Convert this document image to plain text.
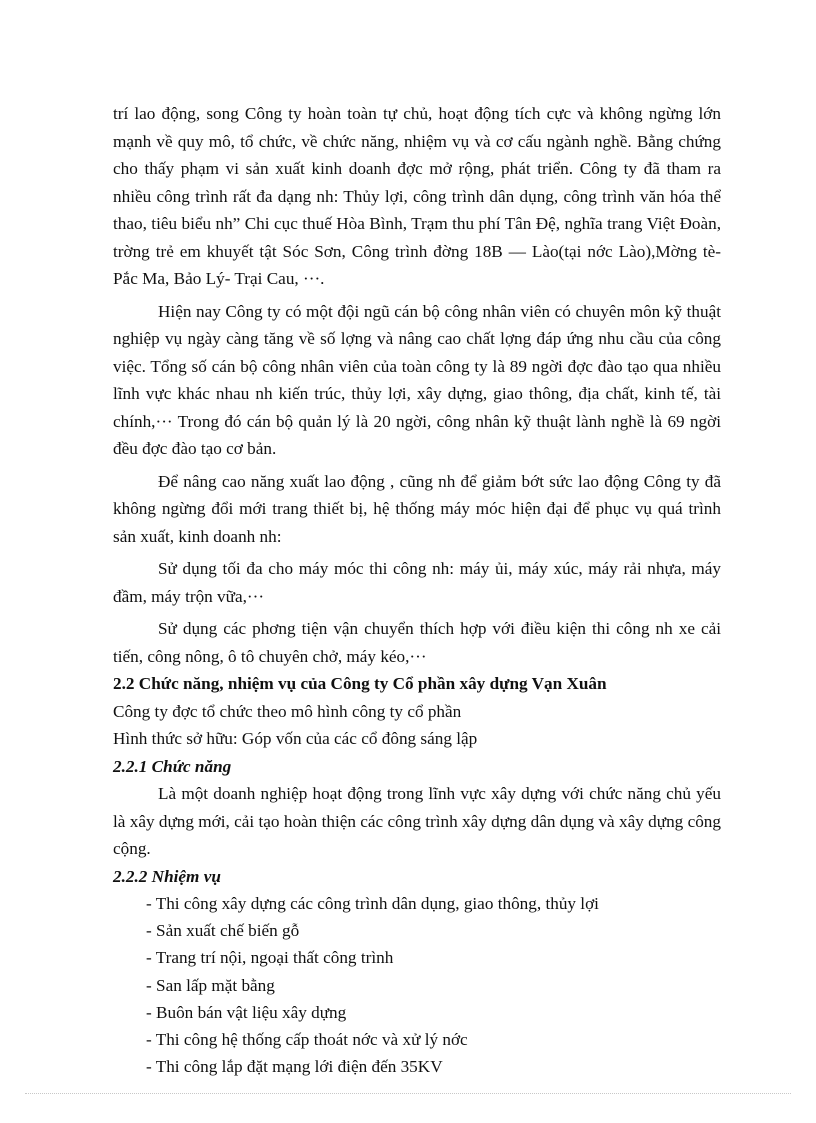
trí lao động, song Công ty hoàn toàn tự chủ, hoạt động tích cực và không ngừng lớn mạnh về quy mô, tổ chức, về chức năng, nhiệm vụ và cơ cấu ngành nghề. Bằng chứng cho thấy phạm vi sản xuất kinh doanh đợc mở rộng, phát triển. Công ty đã tham ra nhiều công trình rất đa dạng nh: Thủy lợi, công trình dân dụng, công trình văn hóa thể thao, tiêu biểu nh” Chi cục thuế Hòa Bình, Trạm thu phí Tân Đệ, nghĩa trang Việt Đoàn, trờng trẻ em khuyết tật Sóc Sơn, Công trình đờng 18B — Lào(tại nớc Lào),Mờng tè- Pắc Ma, Bảo Lý- Trại Cau, ···.

Hiện nay Công ty có một đội ngũ cán bộ công nhân viên có chuyên môn kỹ thuật nghiệp vụ ngày càng tăng về số lợng và nâng cao chất lợng đáp ứng nhu cầu của công việc. Tổng số cán bộ công nhân viên của toàn công ty là 89 ngời đợc đào tạo qua nhiều lĩnh vực khác nhau nh kiến trúc, thủy lợi, xây dựng, giao thông, địa chất, kinh tế, tài chính,··· Trong đó cán bộ quản lý là 20 ngời, công nhân kỹ thuật lành nghề là 69 ngời đều đợc đào tạo cơ bản.

Để nâng cao năng xuất lao động , cũng nh để giảm bớt sức lao động Công ty đã không ngừng đổi mới trang thiết bị, hệ thống máy móc hiện đại để phục vụ quá trình sản xuất, kinh doanh nh:

Sử dụng tối đa cho máy móc thi công nh: máy ủi, máy xúc, máy rải nhựa, máy đầm, máy trộn vữa,···

Sử dụng các phơng tiện vận chuyển thích hợp với điều kiện thi công nh xe cải tiến, công nông, ô tô chuyên chở, máy kéo,···

2.2 Chức năng, nhiệm vụ của Công ty Cổ phần xây dựng Vạn Xuân

Công ty đợc tổ chức theo mô hình công ty cổ phần

Hình thức sở hữu: Góp vốn của các cổ đông sáng lập

2.2.1 Chức năng

Là một doanh nghiệp hoạt động trong lĩnh vực xây dựng với chức năng chủ yếu là xây dựng mới, cải tạo hoàn thiện các công trình xây dựng dân dụng và xây dựng công cộng.

2.2.2 Nhiệm vụ

- Thi công xây dựng các công trình dân dụng, giao thông, thủy lợi
- Sản xuất chế biến gỗ
- Trang trí nội, ngoại thất công trình
- San lấp mặt bằng
- Buôn bán vật liệu xây dựng
- Thi công hệ thống cấp thoát nớc và xử lý nớc
- Thi công lắp đặt mạng lới điện đến 35KV
